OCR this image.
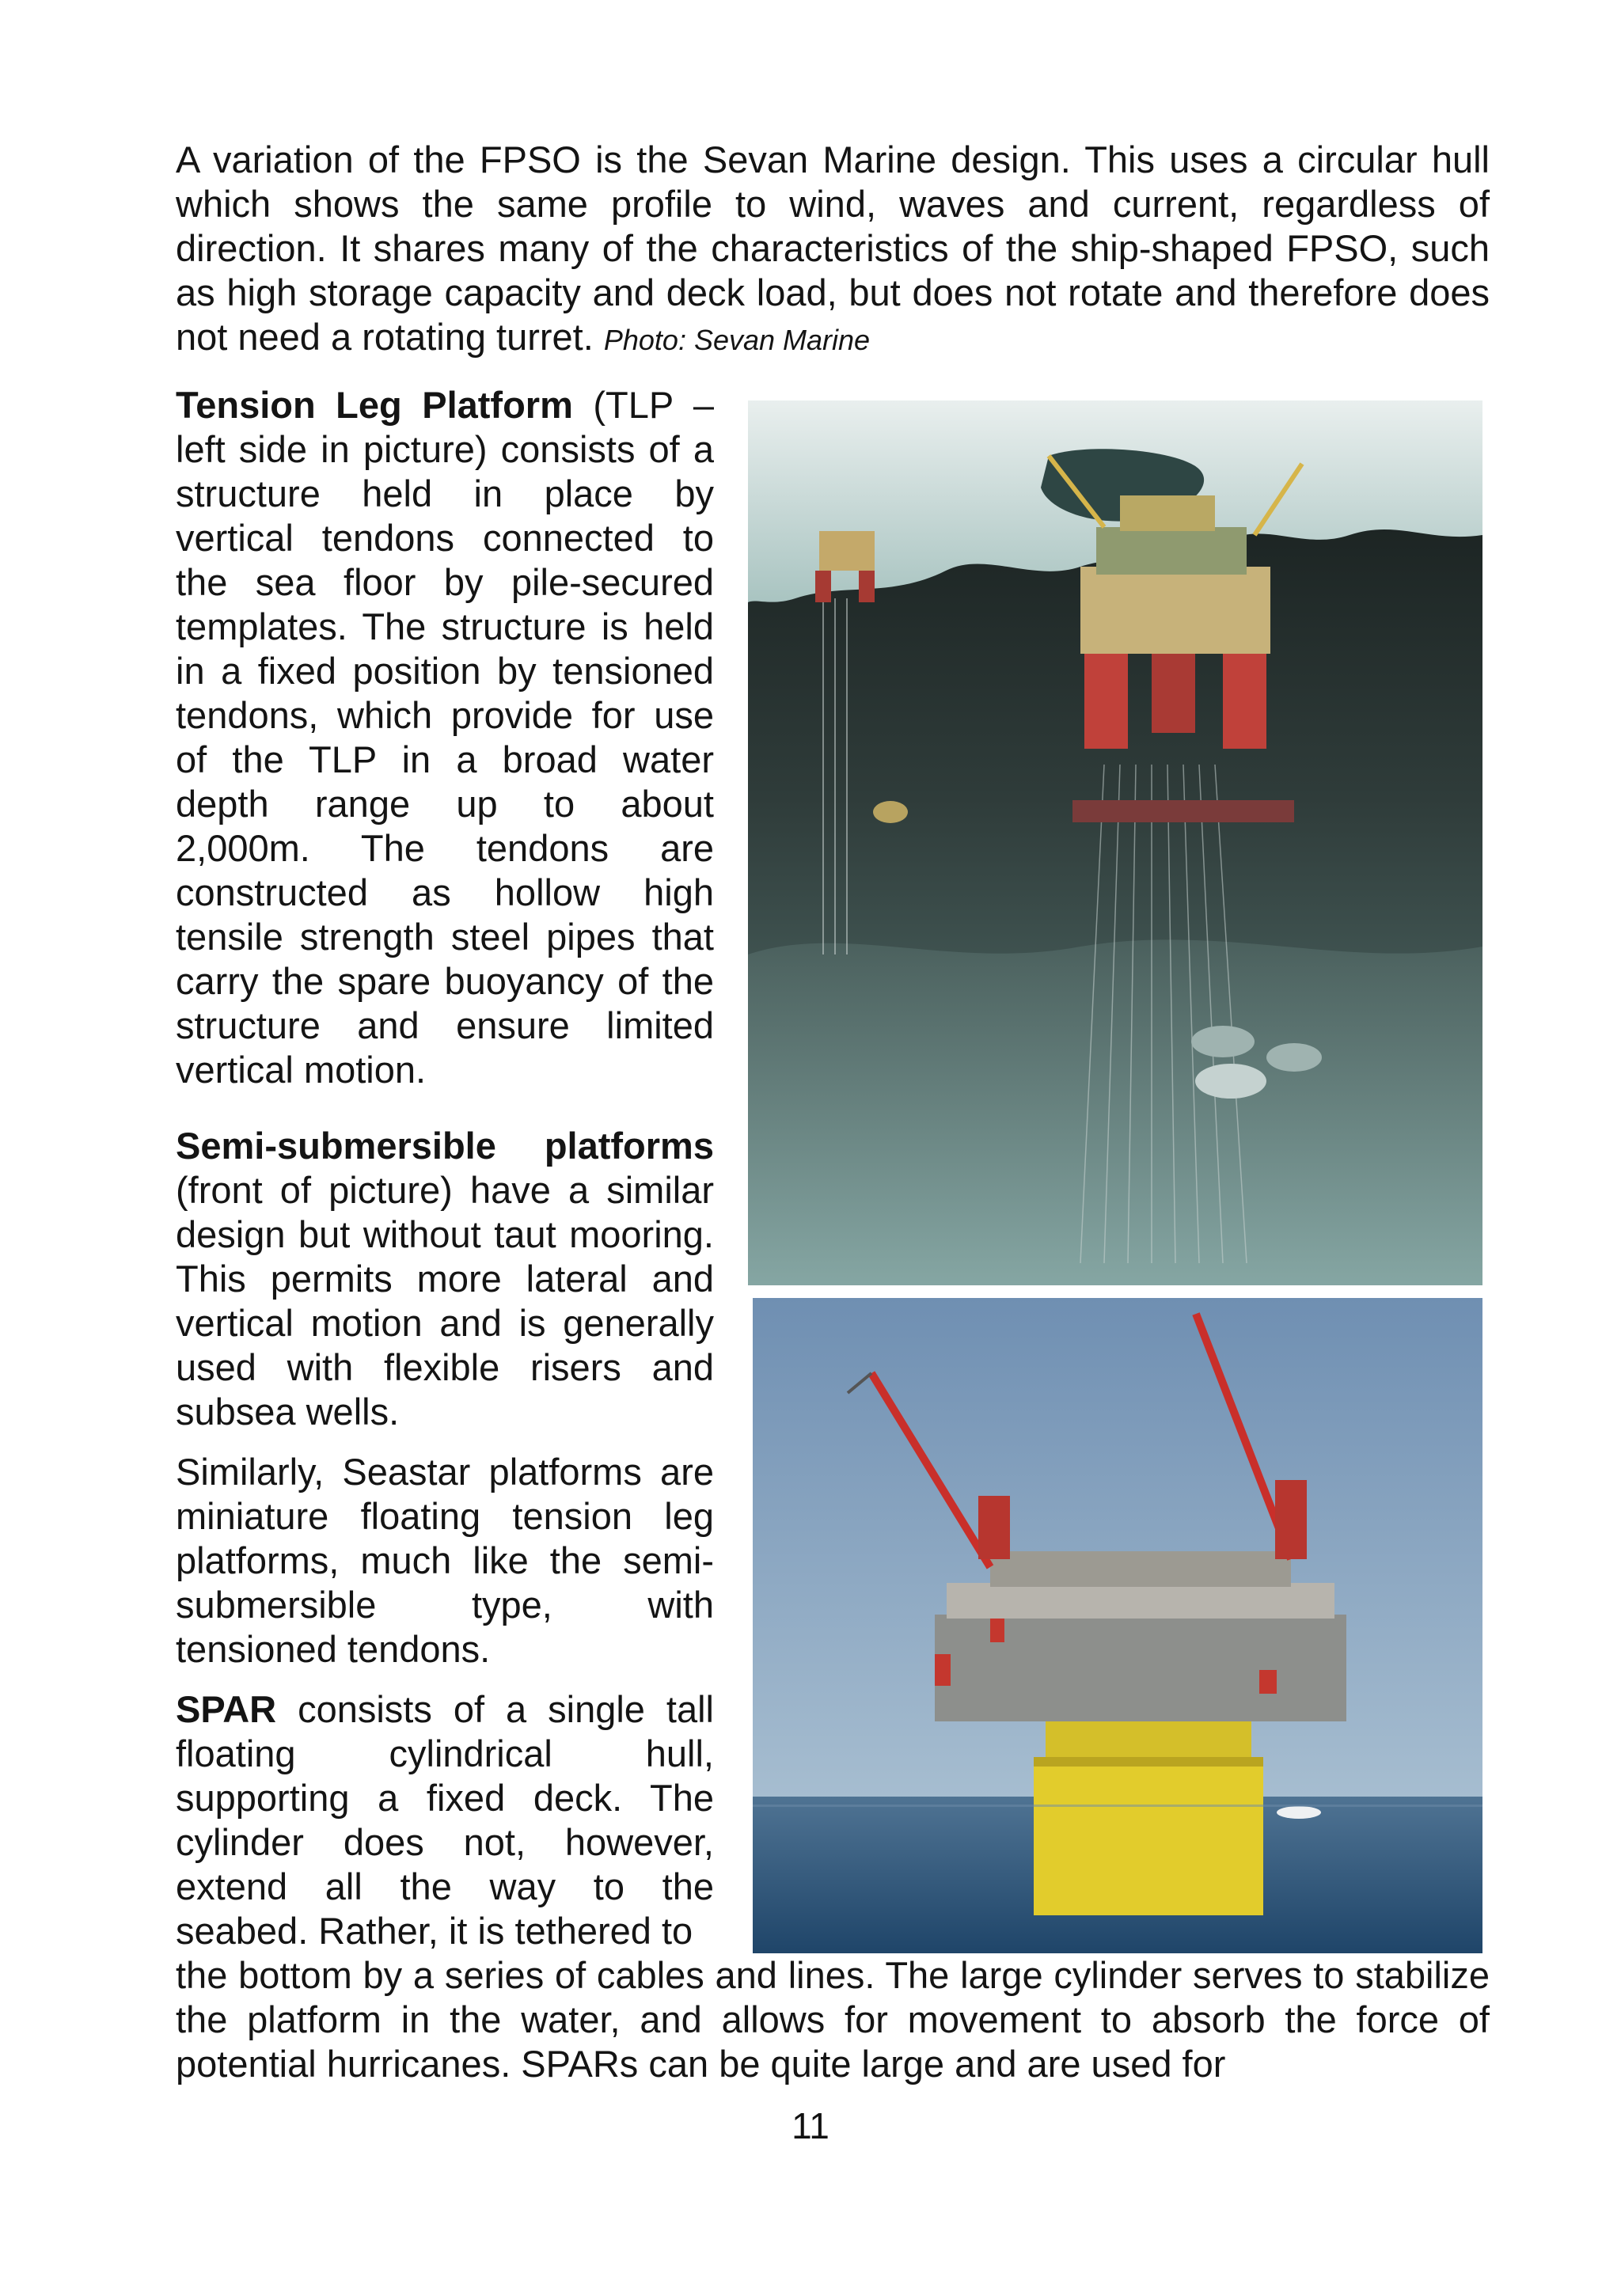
A variation of the FPSO is the Sevan Marine design. This uses a circular hull which shows the same profile to wind, waves and current, regardless of direction. It shares many of the characteristics of the ship-shaped FPSO, such as high storage capacity and deck load, but does not rotate and therefore does not need a rotating turret. Photo: Sevan Marine

Tension Leg Platform (TLP – left side in picture) consists of a structure held in place by vertical tendons connected to the sea floor by pile-secured templates. The structure is held in a fixed position by tensioned tendons, which provide for use of the TLP in a broad water depth range up to about 2,000m. The tendons are constructed as hollow high tensile strength steel pipes that carry the spare buoyancy of the structure and ensure limited vertical motion.

Semi-submersible platforms (front of picture) have a similar design but without taut mooring. This permits more lateral and vertical motion and is generally used with flexible risers and subsea wells.

Similarly, Seastar platforms are miniature floating tension leg platforms, much like the semi-submersible type, with tensioned tendons.

SPAR consists of a single tall floating cylindrical hull, supporting a fixed deck. The cylinder does not, however, extend all the way to the seabed. Rather, it is tethered to

the bottom by a series of cables and lines. The large cylinder serves to stabilize the platform in the water, and allows for movement to absorb the force of potential hurricanes. SPARs can be quite large and are used for

11
